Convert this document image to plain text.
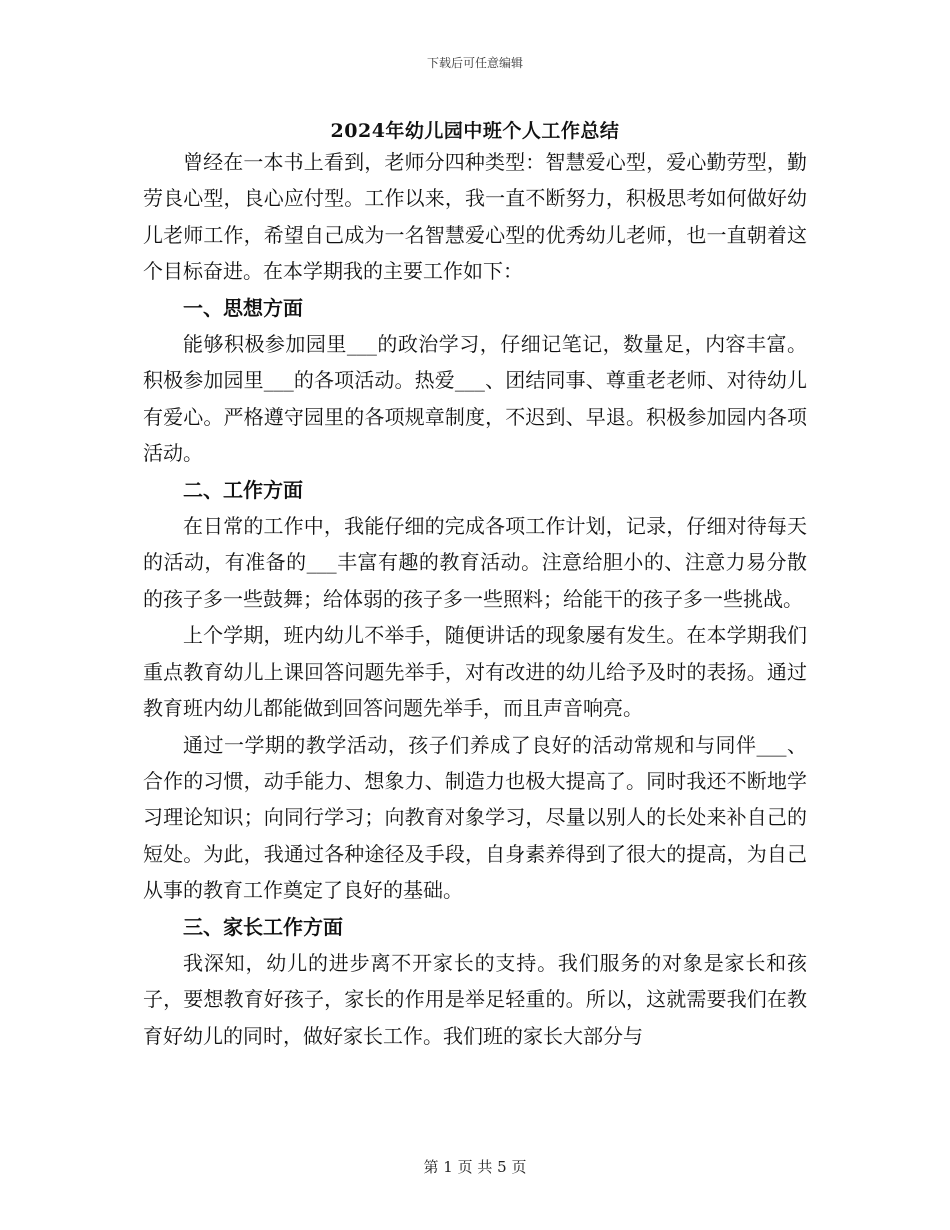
下载后可任意编辑
2024年幼儿园中班个人工作总结

曾经在一本书上看到，老师分四种类型：智慧爱心型，爱心勤劳型，勤劳良心型，良心应付型。工作以来，我一直不断努力，积极思考如何做好幼儿老师工作，希望自己成为一名智慧爱心型的优秀幼儿老师，也一直朝着这个目标奋进。在本学期我的主要工作如下：

一、思想方面

能够积极参加园里___的政治学习，仔细记笔记，数量足，内容丰富。积极参加园里___的各项活动。热爱___、团结同事、尊重老老师、对待幼儿有爱心。严格遵守园里的各项规章制度，不迟到、早退。积极参加园内各项活动。

二、工作方面

在日常的工作中，我能仔细的完成各项工作计划，记录，仔细对待每天的活动，有准备的___丰富有趣的教育活动。注意给胆小的、注意力易分散的孩子多一些鼓舞；给体弱的孩子多一些照料；给能干的孩子多一些挑战。

上个学期，班内幼儿不举手，随便讲话的现象屡有发生。在本学期我们重点教育幼儿上课回答问题先举手，对有改进的幼儿给予及时的表扬。通过教育班内幼儿都能做到回答问题先举手，而且声音响亮。

通过一学期的教学活动，孩子们养成了良好的活动常规和与同伴___、合作的习惯，动手能力、想象力、制造力也极大提高了。同时我还不断地学习理论知识；向同行学习；向教育对象学习，尽量以别人的长处来补自己的短处。为此，我通过各种途径及手段，自身素养得到了很大的提高，为自己从事的教育工作奠定了良好的基础。

三、家长工作方面

我深知，幼儿的进步离不开家长的支持。我们服务的对象是家长和孩子，要想教育好孩子，家长的作用是举足轻重的。所以，这就需要我们在教育好幼儿的同时，做好家长工作。我们班的家长大部分与

第 1 页 共 5 页
